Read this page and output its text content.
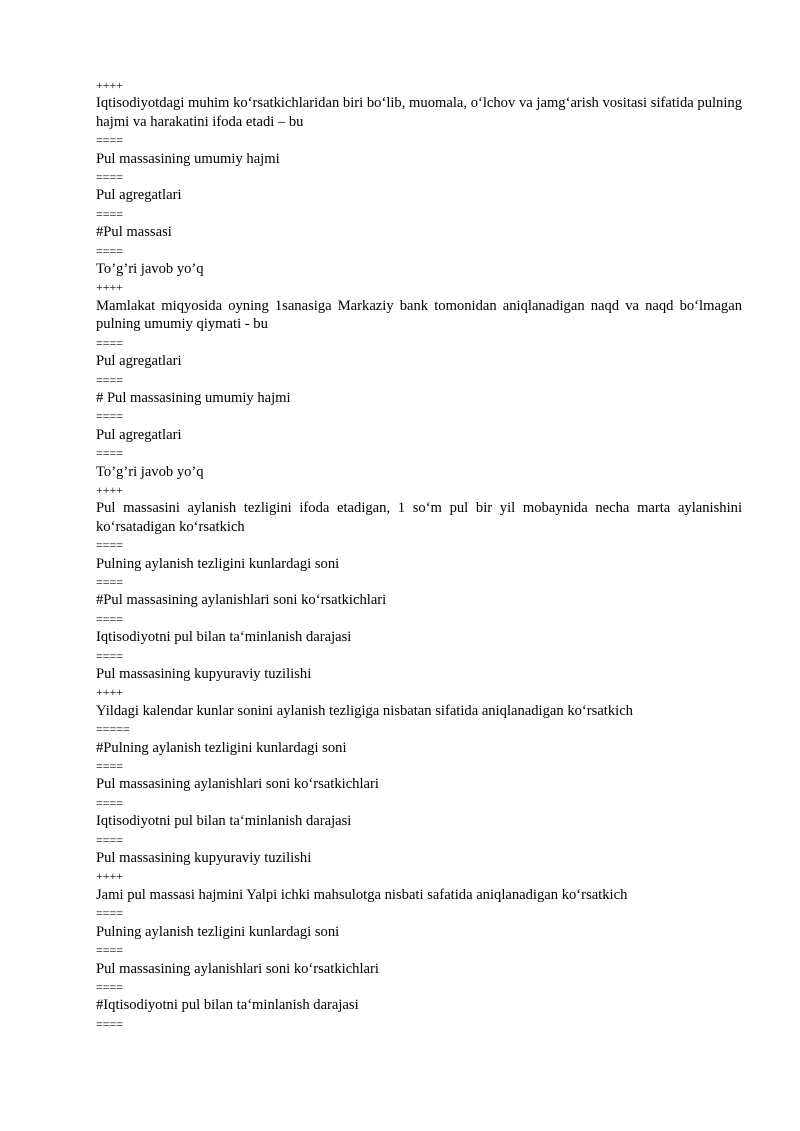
++++

Iqtisodiyotdagi muhim ko‘rsatkichlaridan biri bo‘lib, muomala, o‘lchov va jamg‘arish vositasi sifatida pulning hajmi va harakatini ifoda etadi – bu

====

Pul massasining umumiy hajmi

====

Pul agregatlari

====

#Pul massasi

====

To’g’ri javob yo’q

++++

Mamlakat miqyosida oyning 1sanasiga Markaziy bank tomonidan aniqlanadigan naqd va naqd bo‘lmagan pulning umumiy qiymati - bu

====

Pul agregatlari

====

# Pul massasining umumiy hajmi

====

Pul agregatlari

====

To’g’ri javob yo’q

++++

Pul massasini aylanish tezligini ifoda etadigan, 1 so‘m pul bir yil mobaynida necha marta aylanishini ko‘rsatadigan ko‘rsatkich

====

Pulning aylanish tezligini kunlardagi soni

====

#Pul massasining aylanishlari soni ko‘rsatkichlari

====

Iqtisodiyotni pul bilan ta‘minlanish darajasi

====

Pul massasining kupyuraviy tuzilishi

++++

Yildagi kalendar kunlar sonini aylanish tezligiga nisbatan sifatida aniqlanadigan ko‘rsatkich

=====

#Pulning aylanish tezligini kunlardagi soni

====

Pul massasining aylanishlari soni ko‘rsatkichlari

====

Iqtisodiyotni pul bilan ta‘minlanish darajasi

====

Pul massasining kupyuraviy tuzilishi

++++

Jami pul massasi hajmini Yalpi ichki mahsulotga nisbati safatida aniqlanadigan ko‘rsatkich

====

Pulning aylanish tezligini kunlardagi soni

====

Pul massasining aylanishlari soni ko‘rsatkichlari

====

#Iqtisodiyotni pul bilan ta‘minlanish darajasi

====
